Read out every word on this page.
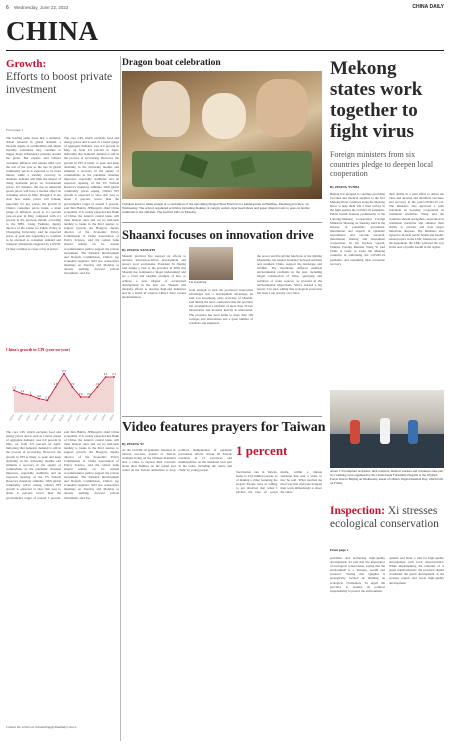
6 Wednesday, June 22, 2022	CHINA DAILY
CHINA
Growth:
Efforts to boost private investment
From page 1
The leading same areas that a stimulus-driven rebound in global demand, a buoyant supply of commodities and ample liquidity conditions may continue to trigger major inflationary pressure around the globe. But experts said China's consumer inflation will remain mild over the rest of the year as the rise in global commodity prices is expected to be more muted, while a steadily recovery in domestic demand will limit the impact of rising upstream prices on downstream prices. For instance, the rise in industrial goods prices will have a modest effect on consumer prices in May. Though it is not clear how stable prices will remain, especially for key prices, the growth in China's consumer prices index, a main gauge of inflation, stood at 2.1 percent year-on-year in May, compared with 2.1 percent in the previous month, according to the NBS. Liang Yusheng, deputy director of the Center for Public Policy at Chongqing University, said he expected prices of pork and vegetables to continue to be elevated as consumer demand and transport disruptions triggered by COVID-19 may continue to cause a rise in prices.
The core CPI, which excludes food and energy prices and is seen as a better gauge of aggregate demand, rose 0.9 percent in May, up from 0.9 percent in April, indicating that domestic demand is still in the process of recovering. However, the growth in PPI is likely to peak and keep declining in the following months and stimulus a recovery in the supply of commodities as the pandemic situation improves, especially stabilities and an expected tapering of the US Federal Reserve's monetary stimulus. With global commodity prices easing, China's PPI growth is expected to slow this year to about 6 percent, lower than the government's target of around 3 percent, said Zhu Haibin, JPMorgan's chief China economist. It is widely expected that Bank of China, the nation's central bank, will raise interest rates and cut its mid-term lending to banks in the third quarter, to support growth. Xu Hongcai, deputy director of the Economic Policy Commission at China Association of Policy Science, said the central bank should remain on its current accommodative path to support the private investment. The National Development and Reform Commission, China's top economic regulator, held two consecutive meetings on Tuesday and Monday to discuss pushing forward private investment, said Xu.
China's growth in CPI (year-on-year)
1.3
2021.5
1.1
2021.6
1
2021.7
0.8
2021.8
0.7
2021.9
1.5
2021.10
2.3
2021.11
1.5
2021.12
0.9
2022.1
0.9
2022.2
1.5
2022.3
2.1
2022.4
2.1
2022.5
The core CPI, which excludes food and energy prices and is seen as a better gauge of aggregate demand, rose 0.9 percent in May, up from 0.9 percent in April, indicating that domestic demand is still in the process of recovering. However, the growth in PPI is likely to peak and keep declining in the following months and stimulus a recovery in the supply of commodities as the pandemic situation improves, especially stabilities and an expected tapering of the US Federal Reserve's monetary stimulus. With global commodity prices easing, China's PPI growth is expected to slow this year to about 6 percent, lower than the government's target of around 3 percent, said Zhu Haibin, JPMorgan's chief China economist. It is widely expected that Bank of China, the nation's central bank, will raise interest rates and cut its mid-term lending to banks in the third quarter, to support growth. Xu Hongcai, deputy director of the Economic Policy Commission at China Association of Policy Science, said the central bank should remain on its current accommodative path to support the private investment. The National Development and Reform Commission, China's top economic regulator, held two consecutive meetings on Tuesday and Monday to discuss pushing forward private investment, said Xu.
Contact the writers at chenmeiling@chinadaily.com.cn
Dragon boat celebration
Children learn to make zongzi at a celebration of the upcoming Dragon Boat Festival at a kindergarten in Huaihua, Zhejiang province, on Wednesday. The school organized activities including making of zongzi, sachet, tiger head shoes and paper dragon boats to pass on festive traditions to the children. The festival falls on Monday.
Mekong states work together to fight virus
Foreign ministers from six countries pledge to deepen local cooperation
By ZHANG YUNBI
Beijing has pledged to continue providing vaccines and medical supplies to the five Mekong River countries along the Mekong River to help them win a final victory in the fight against the COVID-19 pandemic. Public health featured prominently at the Lancang-Mekong Cooperation Foreign Ministers' Meeting on Tuesday, held in the shadow of pandemic, prevention, information and experts in epidemic surveillance and vaccine research, information sharing and investment cooperation. In his keynote speech, Chinese Foreign Minister Wang Yi said China is ready to assist the Mekong countries in addressing the COVID-19 pandemic and sustaining their economic recovery.
their ability in a joint effort to defeat the virus and develop and distribute vaccines, and recovery in the post-COVID-19 era. The ministers also approved a joint statement on boosting cooperation on traditional medicine. Wang said the countries should strengthen cooperation in traditional medicine and enhance their ability to prevent and treat major infectious diseases. The ministers also agreed to include public health and health-related topics in the LMC framework, with the agreement, the LMC will lead the way in the area of public health in the region.
Shaanxi focuses on innovation drive
By ZHANG YANGFEI
Shaanxi province has stepped up efforts to advance innovation-driven development and protect local ecosystems. President Xi Jinping said during a visit to the province in 2020 that Shaanxi has continued a 'major undertaking' and set a vivid and tangible example of how to achieve a new chapter of accelerated development in the new era. Shaanxi will intensify efforts to develop high-end industries and be a leader in western China's drive toward modernization.
Liu Guozhong
from enough to turn the province's innovation advantages into a development advantage, he said. Liu Guozhong, party secretary of Shaanxi, said during the news conference that the province has accumulated a platform of more than 30 key laboratories and invested heavily in innovation. The province has been home to more than 100 colleges and universities and a great number of scientists and engineers.
the power and life-giving functions of the Qinling Mountains, the natural boundary between northern and southern China, support the landscape and wildlife. The mountains suffered multiple environmental problems in the past, including illegal construction of villas, quarrying and pollution of water sources, as revealed in the environmental inspections. 'We've learned a big lesson,' Liu said, adding that ecological protection has been a top priority ever since.
Video features prayers for Taiwan
By ZHANG YI
As the COVID-19 epidemic situation in Taiwan worsens, dozens of Taiwan residents living on the Chinese mainland shot a video to express their concerns about their families on the island and called on the Taiwan authorities to drop political manipulation of epidemic prevention efforts. About 60 Taiwan residents in 15 provinces and municipalities on the mainland took part in the video, including the 'dance and chant' by young people.
1 percent
Vaccination rate in Taiwan, home to 23.6 million people, as of making a video featuring the slogan: 'People were so willing to get involved that when I pitched the idea on social media, within a minute someone had sent a video to me,' he said. 'What touched me most was that everyone dropped their work immediately to shoot the video.'
About 170 transplant recipients, their relatives, medical workers and volunteers take part in a walking event organized by the China-Japan Friendship Hospital at the Olympic Forest Park in Beijing on Wednesday, ahead of China's Organ Donation Day, which falls on Friday.
Inspection: Xi stresses ecological conservation
From page 1
problems and promoting high-quality development. Xi said that the importance of ecological conservation, saying that the environment is a 'treasure, wealth and resource'. Noting that Qinghai is strategically located in building an ecological civilization, Xi urged the province to assume its political responsibility to protect the environment.
opment and blaze a trail for high-quality development with local characteristics. While implementing the rationale of 'a green transformation', the province should coordinate the green development of the western region and boost high-quality development.
